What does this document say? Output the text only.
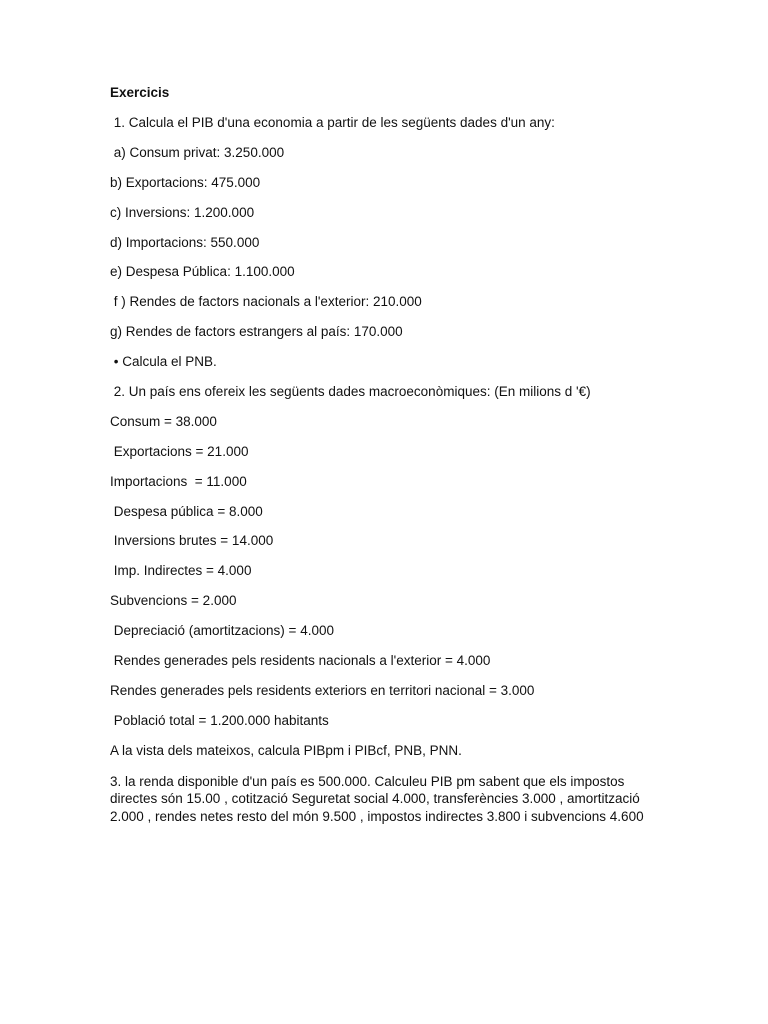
Exercicis
1. Calcula el PIB d'una economia a partir de les següents dades d'un any:
a) Consum privat: 3.250.000
b) Exportacions: 475.000
c) Inversions: 1.200.000
d) Importacions: 550.000
e) Despesa Pública: 1.100.000
f ) Rendes de factors nacionals a l'exterior: 210.000
g) Rendes de factors estrangers al país: 170.000
• Calcula el PNB.
2. Un país ens ofereix les següents dades macroeconòmiques: (En milions d '€)
Consum = 38.000
Exportacions = 21.000
Importacions  = 11.000
Despesa pública = 8.000
Inversions brutes = 14.000
Imp. Indirectes = 4.000
Subvencions = 2.000
Depreciació (amortitzacions) = 4.000
Rendes generades pels residents nacionals a l'exterior = 4.000
Rendes generades pels residents exteriors en territori nacional = 3.000
Població total = 1.200.000 habitants
A la vista dels mateixos, calcula PIBpm i PIBcf, PNB, PNN.
3. la renda disponible d'un país es 500.000. Calculeu PIB pm sabent que els impostos directes són 15.00 , cotització Seguretat social 4.000, transferències 3.000 , amortització 2.000 , rendes netes resto del món 9.500 , impostos indirectes 3.800 i subvencions 4.600
